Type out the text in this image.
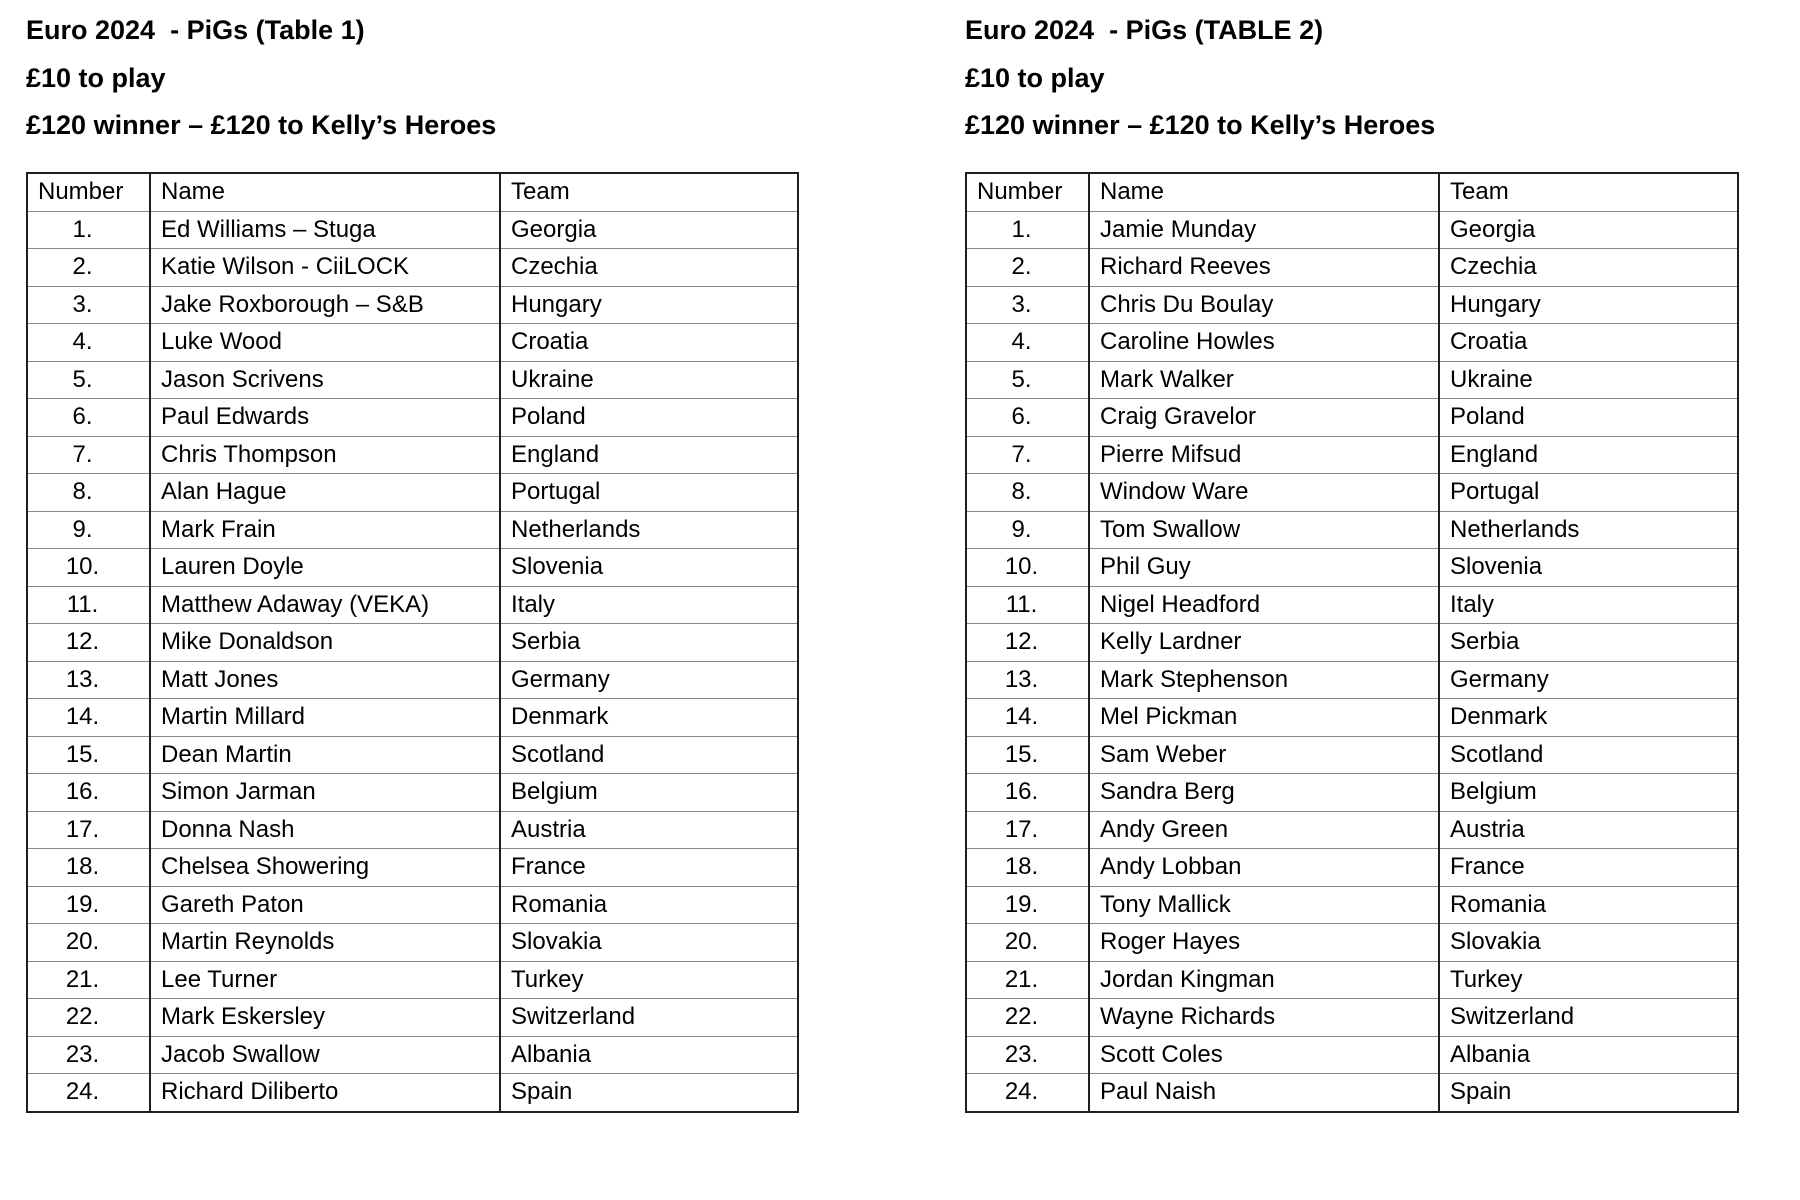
Euro 2024  - PiGs (Table 1)

£10 to play

£120 winner – £120 to Kelly’s Heroes

Number	Name	Team
1.	Ed Williams – Stuga	Georgia
2.	Katie Wilson - CiiLOCK	Czechia
3.	Jake Roxborough – S&B	Hungary
4.	Luke Wood	Croatia
5.	Jason Scrivens	Ukraine
6.	Paul Edwards	Poland
7.	Chris Thompson	England
8.	Alan Hague	Portugal
9.	Mark Frain	Netherlands
10.	Lauren Doyle	Slovenia
11.	Matthew Adaway (VEKA)	Italy
12.	Mike Donaldson	Serbia
13.	Matt Jones	Germany
14.	Martin Millard	Denmark
15.	Dean Martin	Scotland
16.	Simon Jarman	Belgium
17.	Donna Nash	Austria
18.	Chelsea Showering	France
19.	Gareth Paton	Romania
20.	Martin Reynolds	Slovakia
21.	Lee Turner	Turkey
22.	Mark Eskersley	Switzerland
23.	Jacob Swallow	Albania
24.	Richard Diliberto	Spain
Euro 2024  - PiGs (TABLE 2)

£10 to play

£120 winner – £120 to Kelly’s Heroes

Number	Name	Team
1.	Jamie Munday	Georgia
2.	Richard Reeves	Czechia
3.	Chris Du Boulay	Hungary
4.	Caroline Howles	Croatia
5.	Mark Walker	Ukraine
6.	Craig Gravelor	Poland
7.	Pierre Mifsud	England
8.	Window Ware	Portugal
9.	Tom Swallow	Netherlands
10.	Phil Guy	Slovenia
11.	Nigel Headford	Italy
12.	Kelly Lardner	Serbia
13.	Mark Stephenson	Germany
14.	Mel Pickman	Denmark
15.	Sam Weber	Scotland
16.	Sandra Berg	Belgium
17.	Andy Green	Austria
18.	Andy Lobban	France
19.	Tony Mallick	Romania
20.	Roger Hayes	Slovakia
21.	Jordan Kingman	Turkey
22.	Wayne Richards	Switzerland
23.	Scott Coles	Albania
24.	Paul Naish	Spain
